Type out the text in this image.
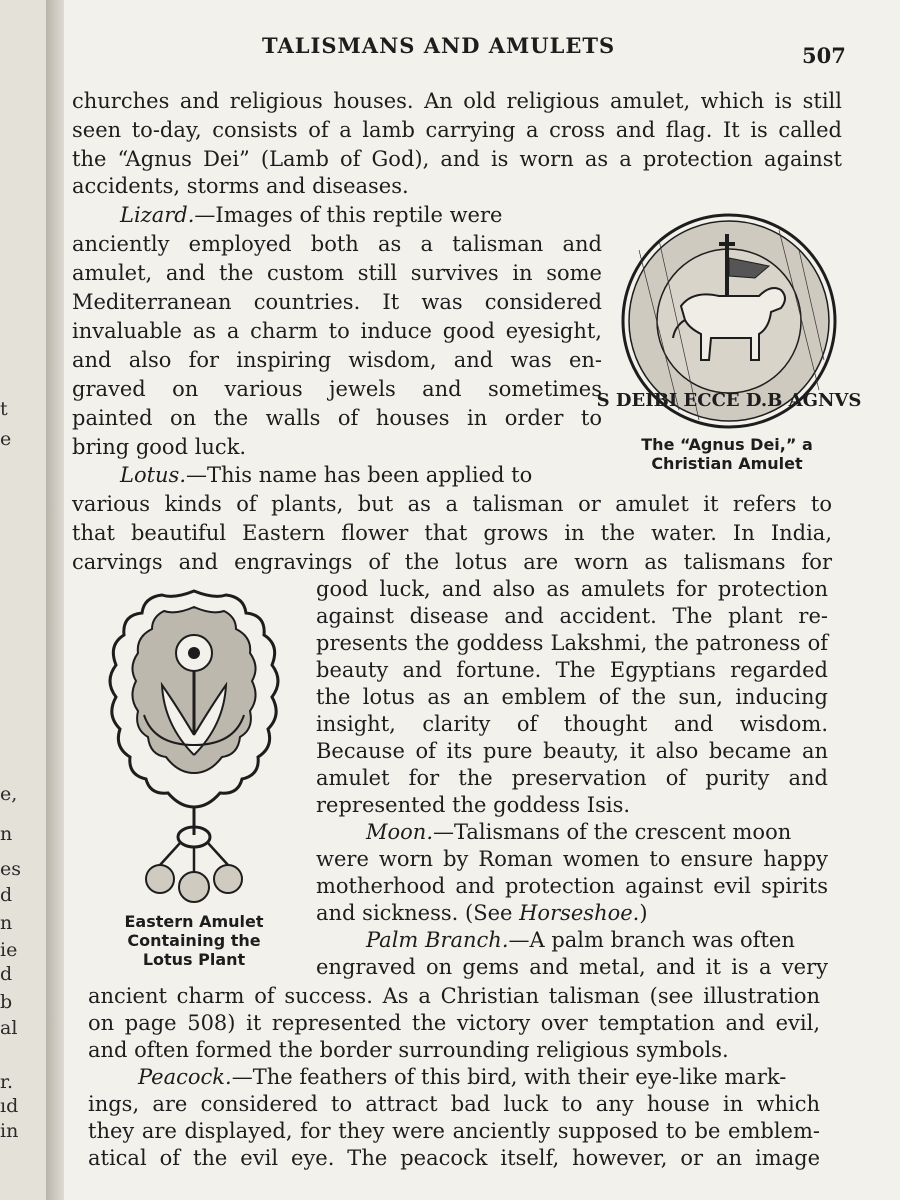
t
e
e,
n
es
d
n
ie
d
b
al
r.
ıd
in
TALISMANS AND AMULETS	507
churches and religious houses. An old religious amulet, which is still
seen to-day, consists of a lamb carrying a cross and flag. It is called
the “Agnus Dei” (Lamb of God), and is worn as a protection against
accidents, storms and diseases.
Lizard.—Images of this reptile were
anciently employed both as a talisman and
amulet, and the custom still survives in some
Mediterranean countries. It was considered
invaluable as a charm to induce good eyesight,
and also for inspiring wisdom, and was en-
graved on various jewels and sometimes
painted on the walls of houses in order to
bring good luck.
Lotus.—This name has been applied to
various kinds of plants, but as a talisman or amulet it refers to
that beautiful Eastern flower that grows in the water. In India,
carvings and engravings of the lotus are worn as talismans for
good luck, and also as amulets for protection
against disease and accident. The plant re-
presents the goddess Lakshmi, the patroness of
beauty and fortune. The Egyptians regarded
the lotus as an emblem of the sun, inducing
insight, clarity of thought and wisdom.
Because of its pure beauty, it also became an
amulet for the preservation of purity and
represented the goddess Isis.
Moon.—Talismans of the crescent moon
were worn by Roman women to ensure happy
motherhood and protection against evil spirits
and sickness. (See Horseshoe.)
Palm Branch.—A palm branch was often
engraved on gems and metal, and it is a very
ancient charm of success. As a Christian talisman (see illustration
on page 508) it represented the victory over temptation and evil,
and often formed the border surrounding religious symbols.
Peacock.—The feathers of this bird, with their eye-like mark-
ings, are considered to attract bad luck to any house in which
they are displayed, for they were anciently supposed to be emblem-
atical of the evil eye. The peacock itself, however, or an image
S DEIBI ECCE D.B AGNVS
The “Agnus Dei,” a
Christian Amulet
Eastern Amulet
Containing the
Lotus Plant
